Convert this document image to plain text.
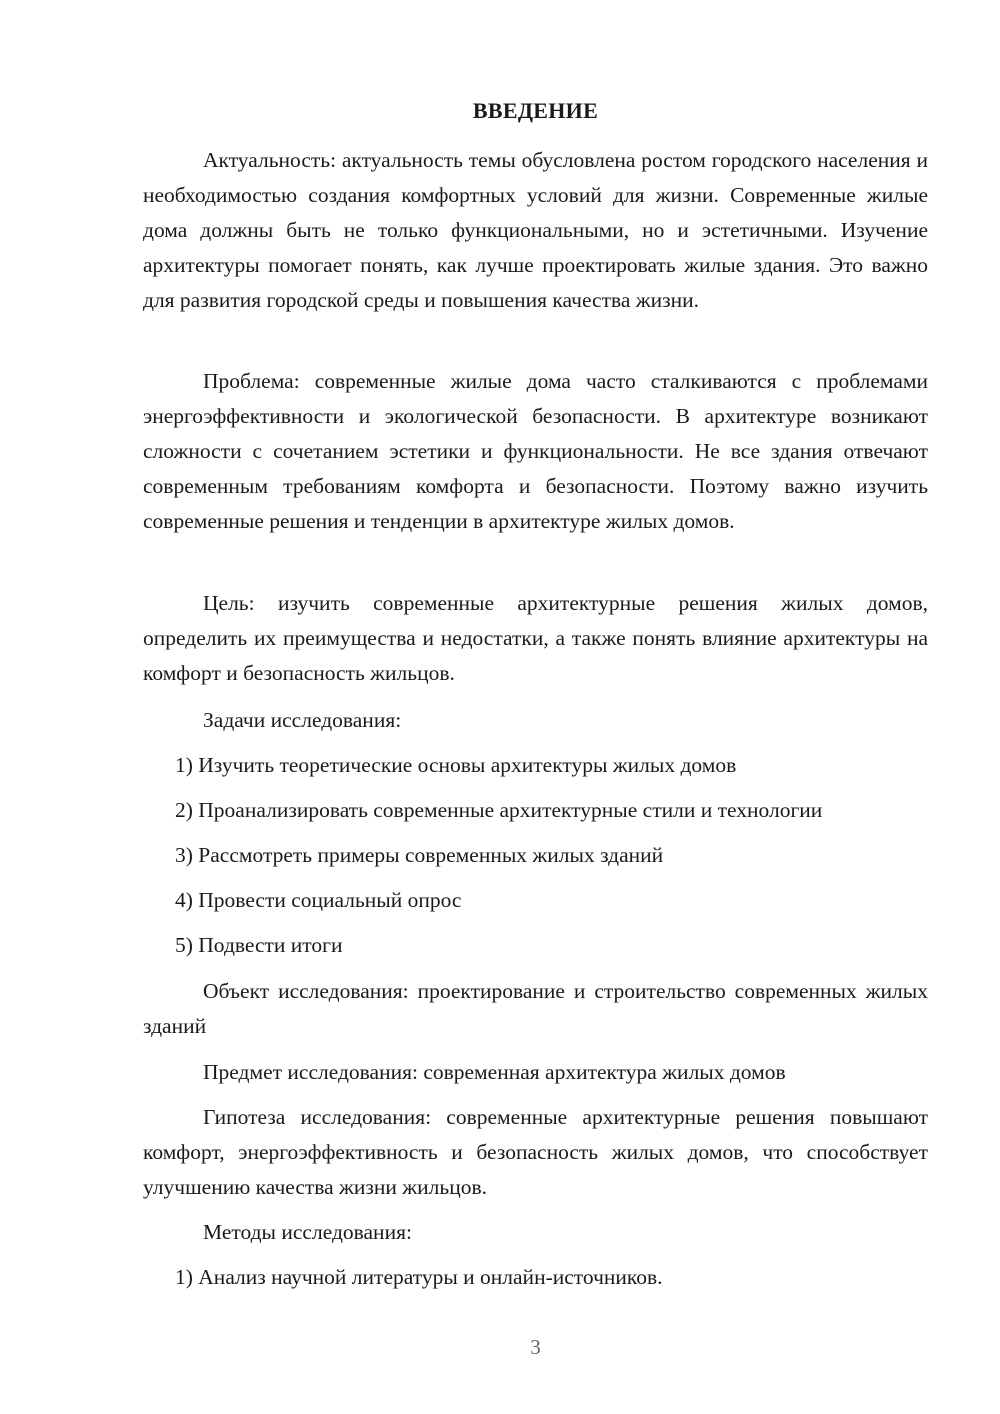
ВВЕДЕНИЕ

Актуальность: актуальность темы обусловлена ростом городского населения и необходимостью создания комфортных условий для жизни. Современные жилые дома должны быть не только функциональными, но и эстетичными. Изучение архитектуры помогает понять, как лучше проектировать жилые здания. Это важно для развития городской среды и повышения качества жизни.

Проблема: современные жилые дома часто сталкиваются с проблемами энергоэффективности и экологической безопасности. В архитектуре возникают сложности с сочетанием эстетики и функциональности. Не все здания отвечают современным требованиям комфорта и безопасности. Поэтому важно изучить современные решения и тенденции в архитектуре жилых домов.

Цель: изучить современные архитектурные решения жилых домов, определить их преимущества и недостатки, а также понять влияние архитектуры на комфорт и безопасность жильцов.

Задачи исследования:

1) Изучить теоретические основы архитектуры жилых домов

2) Проанализировать современные архитектурные стили и технологии

3) Рассмотреть примеры современных жилых зданий

4) Провести социальный опрос

5) Подвести итоги

Объект исследования: проектирование и строительство современных жилых зданий

Предмет исследования: современная архитектура жилых домов

Гипотеза исследования: современные архитектурные решения повышают комфорт, энергоэффективность и безопасность жилых домов, что способствует улучшению качества жизни жильцов.

Методы исследования:

1) Анализ научной литературы и онлайн-источников.

3
